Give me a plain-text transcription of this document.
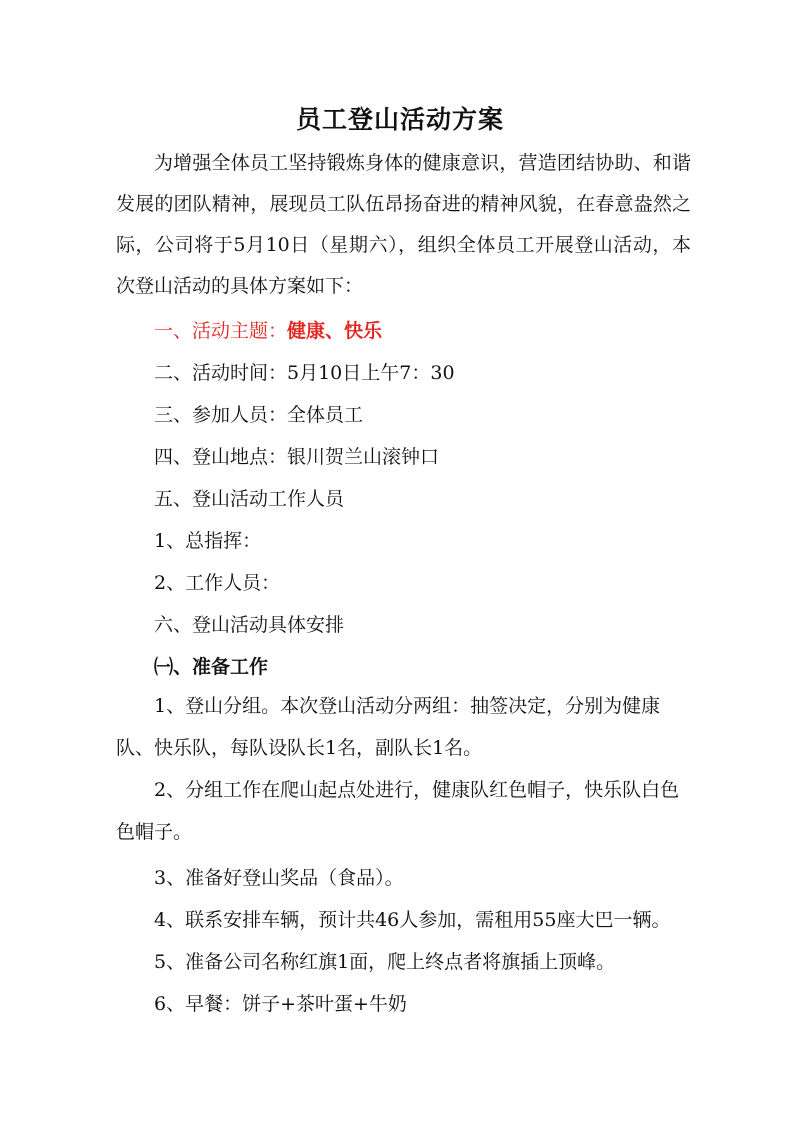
员工登山活动方案

为增强全体员工坚持锻炼身体的健康意识，营造团结协助、和谐发展的团队精神，展现员工队伍昂扬奋进的精神风貌，在春意盎然之际，公司将于5月10日（星期六），组织全体员工开展登山活动，本次登山活动的具体方案如下：

一、活动主题：健康、快乐
二、活动时间：5月10日上午7：30
三、参加人员：全体员工
四、登山地点：银川贺兰山滚钟口
五、登山活动工作人员
1、总指挥：
2、工作人员：
六、登山活动具体安排
㈠、准备工作

1、登山分组。本次登山活动分两组：抽签决定，分别为健康队、快乐队，每队设队长1名，副队长1名。

2、分组工作在爬山起点处进行，健康队红色帽子，快乐队白色色帽子。

3、准备好登山奖品（食品）。
4、联系安排车辆，预计共46人参加，需租用55座大巴一辆。
5、准备公司名称红旗1面，爬上终点者将旗插上顶峰。
6、早餐：饼子+茶叶蛋+牛奶
